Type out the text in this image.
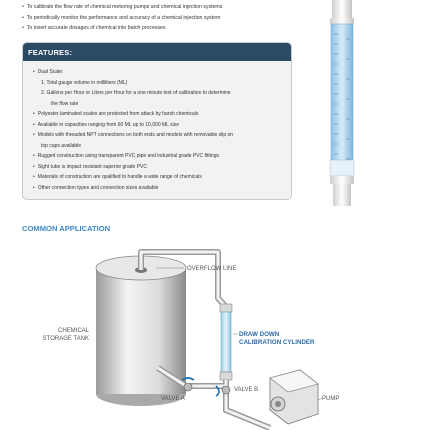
• To calibrate the flow rate of chemical metering pumps and chemical injection systems
• To periodically monitor the performance and accuracy of a chemical injection system
• To insert accurate dosages of chemical into batch processes
FEATURES:
• Dual Scale:
1. Total gauge volume in milliliters (ML)
2. Gallons per Hour or Liters per Hour for a one minute test of calibration to determine
the flow rate
• Polyester laminated scales are protected from attack by harsh chemicals
• Available in capacities ranging from 60 ML up to 10,000 ML size
• Models with threaded NPT connections on both ends and models with removable slip on
top caps available
• Rugged construction using transparent PVC pipe and industrial grade PVC fittings
• Sight tube is impact resistant superior grade PVC
• Materials of construction are qualified to handle a wide range of chemicals
• Other connection types and connection sizes available
COMMON APPLICATION
OVERFLOW LINE
CHEMICAL
STORAGE TANK
DRAW DOWN
CALIBRATION CYLINDER
VALVE B
VALVE A	PUMP
